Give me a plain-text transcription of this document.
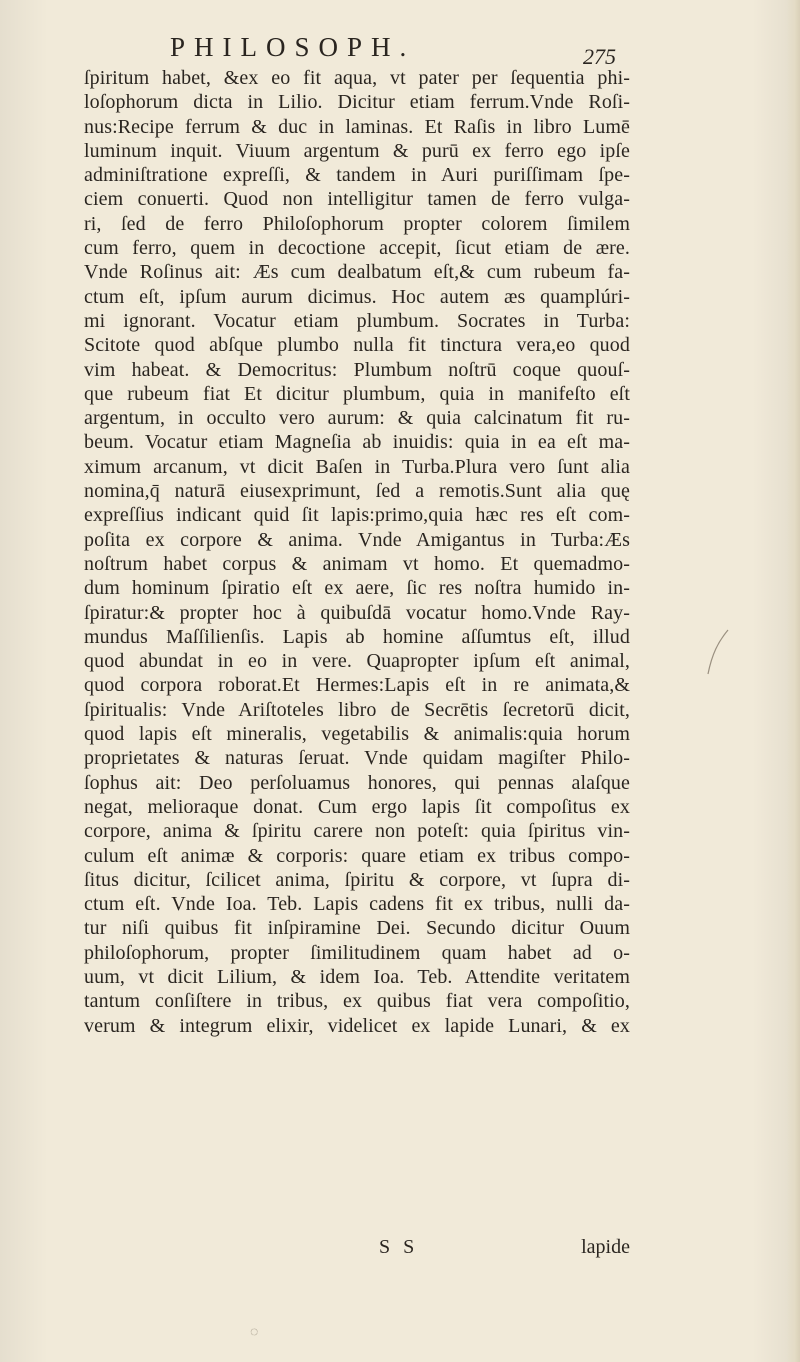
PHILOSOPH.	275
ſpiritum habet, &ex eo fit aqua, vt pater per ſequentia phi-
loſophorum dicta in Lilio. Dicitur etiam ferrum.Vnde Roſi-
nus:Recipe ferrum & duc in laminas. Et Raſis in libro Lumē
luminum inquit. Viuum argentum & purū ex ferro ego ipſe
adminiſtratione expreſſi, & tandem in Auri puriſſimam ſpe-
ciem conuerti. Quod non intelligitur tamen de ferro vulga-
ri, ſed de ferro Philoſophorum propter colorem ſimilem
cum ferro, quem in decoctione accepit, ſicut etiam de ære.
Vnde Roſinus ait: Æs cum dealbatum eſt,& cum rubeum fa-
ctum eſt, ipſum aurum dicimus. Hoc autem æs quamplúri-
mi ignorant. Vocatur etiam plumbum. Socrates in Turba:
Scitote quod abſque plumbo nulla fit tinctura vera,eo quod
vim habeat. & Democritus: Plumbum noſtrū coque quouſ-
que rubeum fiat Et dicitur plumbum, quia in manifeſto eſt
argentum, in occulto vero aurum: & quia calcinatum fit ru-
beum. Vocatur etiam Magneſia ab inuidis: quia in ea eſt ma-
ximum arcanum, vt dicit Baſen in Turba.Plura vero ſunt alia
nomina,q̄ naturā eiusexprimunt, ſed a remotis.Sunt alia quę
expreſſius indicant quid ſit lapis:primo,quia hæc res eſt com-
poſita ex corpore & anima. Vnde Amigantus in Turba:Æs
noſtrum habet corpus & animam vt homo. Et quemadmo-
dum hominum ſpiratio eſt ex aere, ſic res noſtra humido in-
ſpiratur:& propter hoc à quibuſdā vocatur homo.Vnde Ray-
mundus Maſſilienſis. Lapis ab homine aſſumtus eſt, illud
quod abundat in eo in vere. Quapropter ipſum eſt animal,
quod corpora roborat.Et Hermes:Lapis eſt in re animata,&
ſpiritualis: Vnde Ariſtoteles libro de Secrētis ſecretorū dicit,
quod lapis eſt mineralis, vegetabilis & animalis:quia horum
proprietates & naturas ſeruat. Vnde quidam magiſter Philo-
ſophus ait: Deo perſoluamus honores, qui pennas alaſque
negat, melioraque donat. Cum ergo lapis ſit compoſitus ex
corpore, anima & ſpiritu carere non poteſt: quia ſpiritus vin-
culum eſt animæ & corporis: quare etiam ex tribus compo-
ſitus dicitur, ſcilicet anima, ſpiritu & corpore, vt ſupra di-
ctum eſt. Vnde Ioa. Teb. Lapis cadens fit ex tribus, nulli da-
tur niſi quibus fit inſpiramine Dei. Secundo dicitur Ouum
philoſophorum, propter ſimilitudinem quam habet ad o-
uum, vt dicit Lilium, & idem Ioa. Teb. Attendite veritatem
tantum conſiſtere in tribus, ex quibus fiat vera compoſitio,
verum & integrum elixir, videlicet ex lapide Lunari, & ex
S S	lapide
◌
